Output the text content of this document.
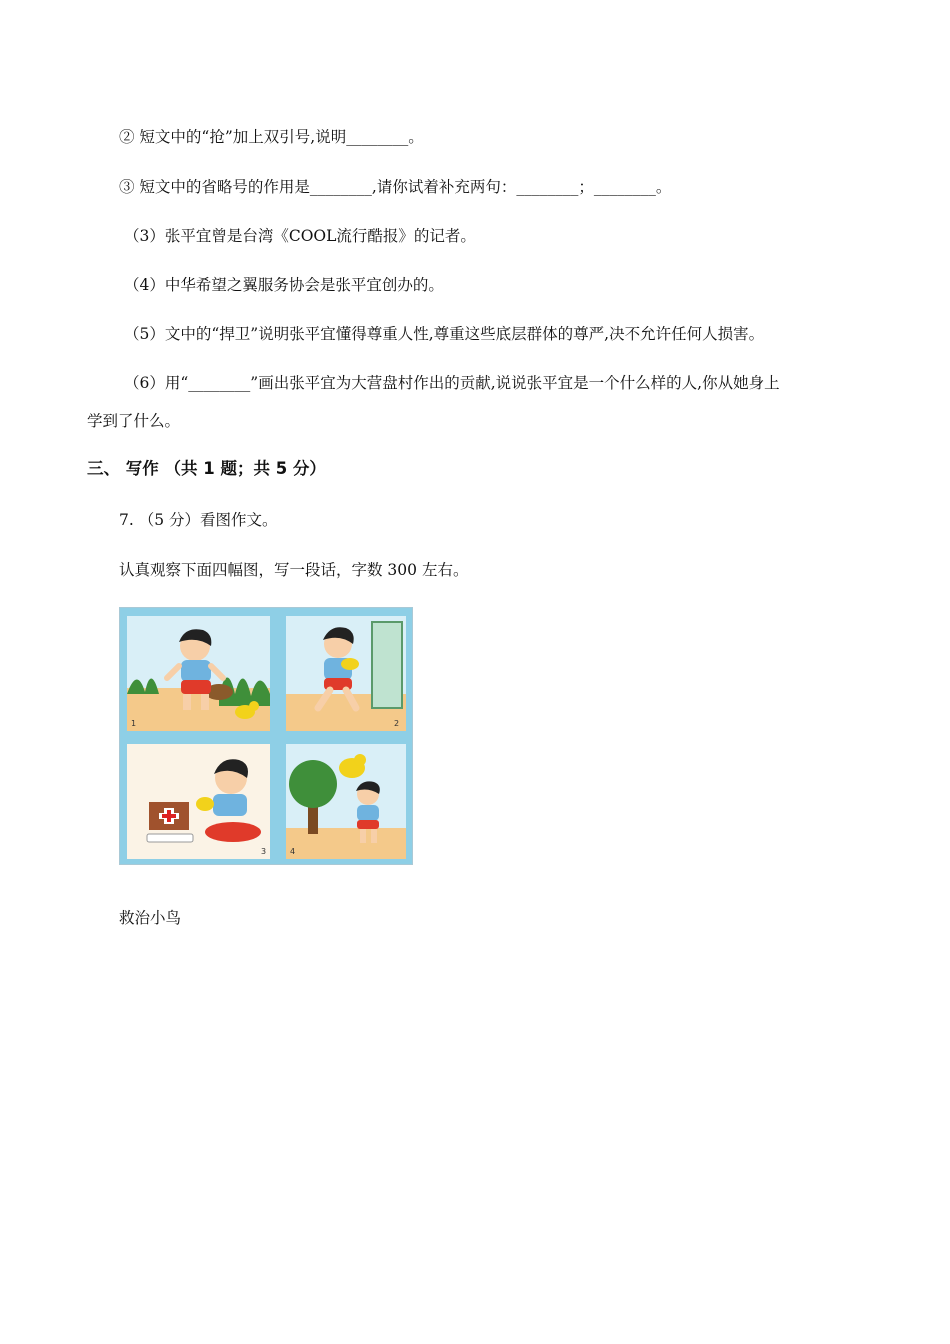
② 短文中的“抢”加上双引号,说明________。
③ 短文中的省略号的作用是________,请你试着补充两句：________；________。
（3）张平宜曾是台湾《COOL流行酷报》的记者。
（4）中华希望之翼服务协会是张平宜创办的。
（5）文中的“捍卫”说明张平宜懂得尊重人性,尊重这些底层群体的尊严,决不允许任何人损害。
（6）用“________”画出张平宜为大营盘村作出的贡献,说说张平宜是一个什么样的人,你从她身上
学到了什么。
三、 写作 （共 1 题；共 5 分）
7. （5 分）看图作文。
认真观察下面四幅图，写一段话，字数 300 左右。
1	2
3	4
救治小鸟
